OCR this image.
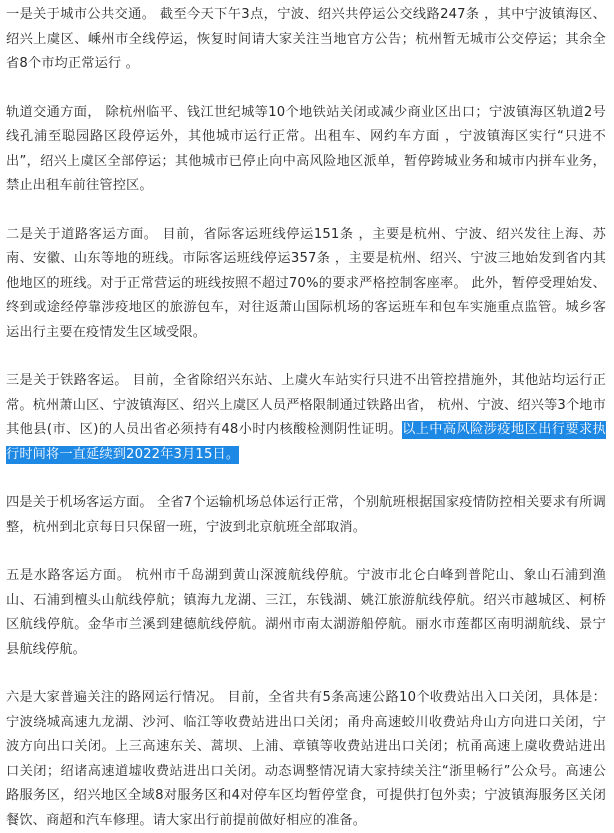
一是关于城市公共交通。 截至今天下午3点，宁波、绍兴共停运公交线路247条 ，其中宁波镇海区、绍兴上虞区、嵊州市全线停运，恢复时间请大家关注当地官方公告；杭州暂无城市公交停运；其余全省8个市均正常运行 。

轨道交通方面， 除杭州临平、钱江世纪城等10个地铁站关闭或减少商业区出口；宁波镇海区轨道2号线孔浦至聪园路区段停运外，其他城市运行正常。出租车、网约车方面 ，宁波镇海区实行“只进不出”，绍兴上虞区全部停运；其他城市已停止向中高风险地区派单，暂停跨城业务和城市内拼车业务，禁止出租车前往管控区。

二是关于道路客运方面。 目前，省际客运班线停运151条 ，主要是杭州、宁波、绍兴发往上海、苏南、安徽、山东等地的班线。市际客运班线停运357条 ，主要是杭州、绍兴、宁波三地始发到省内其他地区的班线。对于正常营运的班线按照不超过70%的要求严格控制客座率。 此外，暂停受理始发、终到或途经停靠涉疫地区的旅游包车，对往返萧山国际机场的客运班车和包车实施重点监管。城乡客运出行主要在疫情发生区域受限。

三是关于铁路客运。 目前，全省除绍兴东站、上虞火车站实行只进不出管控措施外，其他站均运行正常。杭州萧山区、宁波镇海区、绍兴上虞区人员严格限制通过铁路出省， 杭州、宁波、绍兴等3个地市其他县(市、区)的人员出省必须持有48小时内核酸检测阴性证明。以上中高风险涉疫地区出行要求执行时间将一直延续到2022年3月15日。

四是关于机场客运方面。 全省7个运输机场总体运行正常，个别航班根据国家疫情防控相关要求有所调整，杭州到北京每日只保留一班，宁波到北京航班全部取消。

五是水路客运方面。 杭州市千岛湖到黄山深渡航线停航。宁波市北仑白峰到普陀山、象山石浦到渔山、石浦到檀头山航线停航；镇海九龙湖、三江，东钱湖、姚江旅游航线停航。绍兴市越城区、柯桥区航线停航。金华市兰溪到建德航线停航。湖州市南太湖游船停航。丽水市莲都区南明湖航线、景宁县航线停航。

六是大家普遍关注的路网运行情况。 目前，全省共有5条高速公路10个收费站出入口关闭，具体是： 宁波绕城高速九龙湖、沙河、临江等收费站进出口关闭；甬舟高速蛟川收费站舟山方向进口关闭，宁波方向出口关闭。上三高速东关、蒿坝、上浦、章镇等收费站进出口关闭；杭甬高速上虞收费站进出口关闭；绍诸高速道墟收费站进出口关闭。动态调整情况请大家持续关注“浙里畅行”公众号。高速公路服务区，绍兴地区全域8对服务区和4对停车区均暂停堂食，可提供打包外卖；宁波镇海服务区关闭餐饮、商超和汽车修理。请大家出行前提前做好相应的准备。
